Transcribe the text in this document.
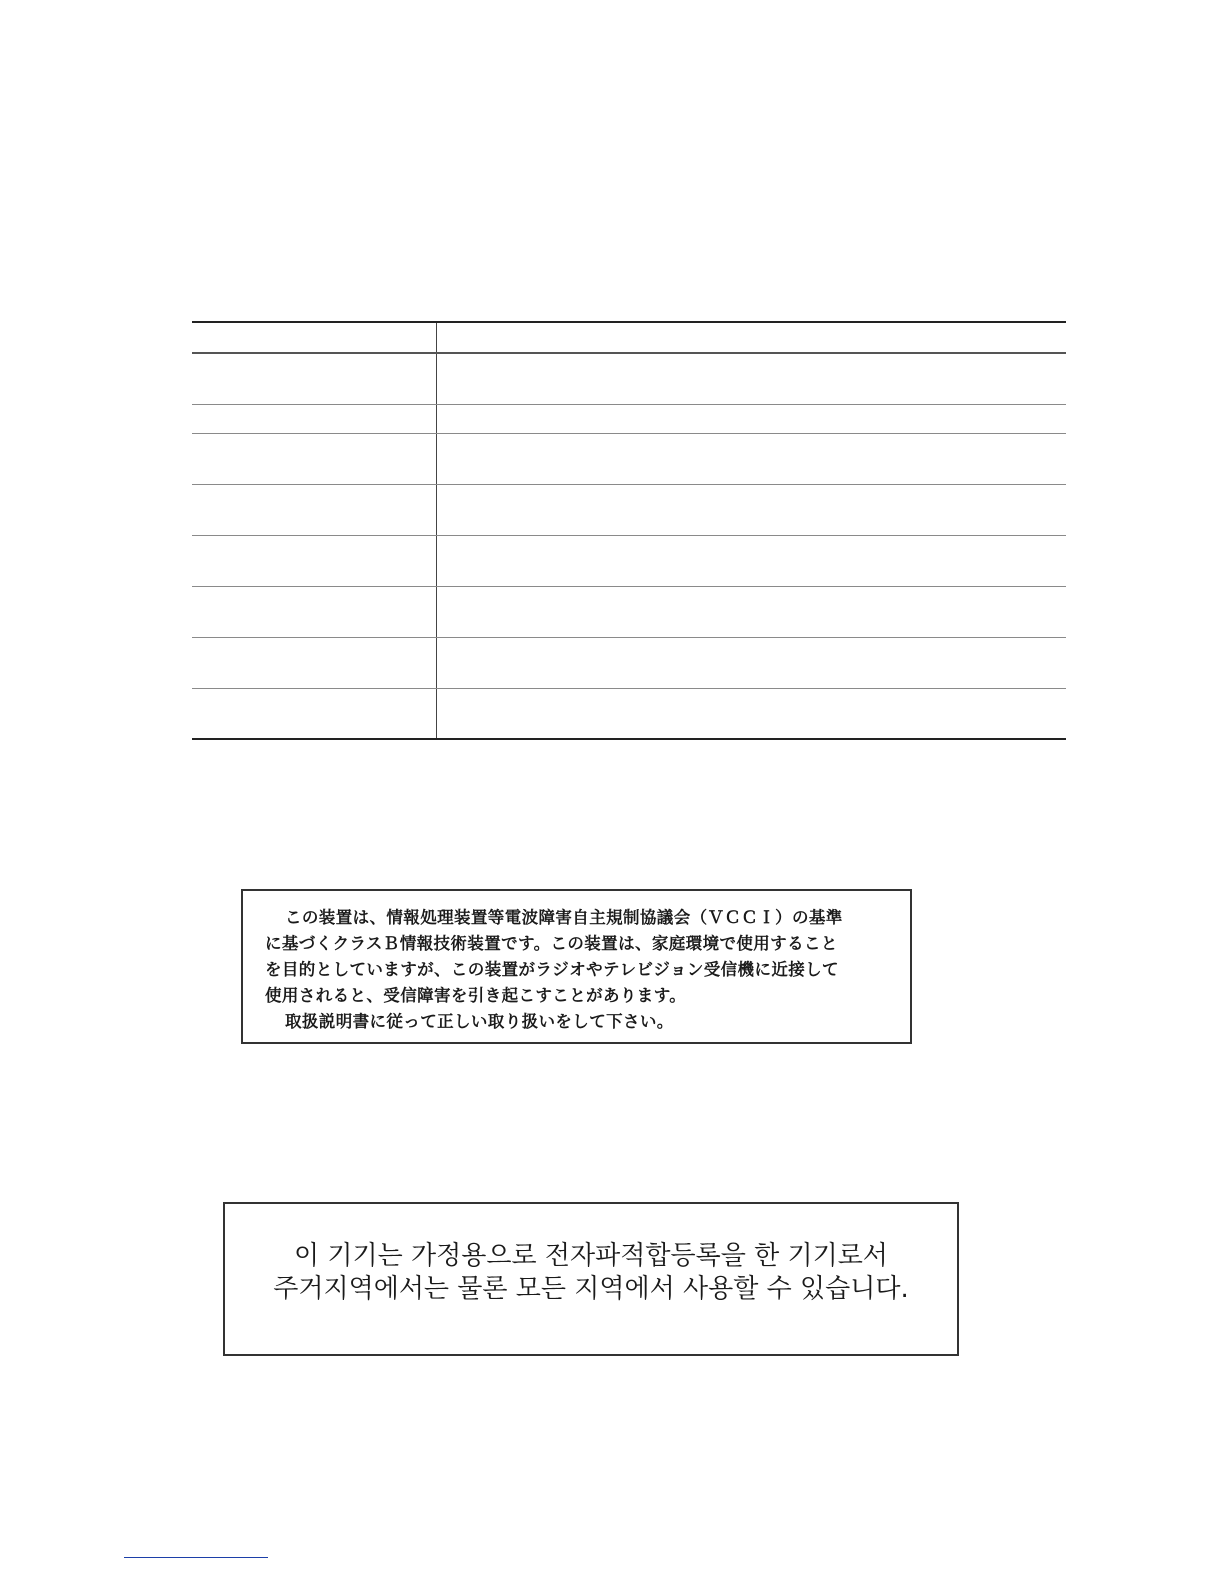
この装置は、情報処理装置等電波障害自主規制協議会（ＶＣＣＩ）の基準

に基づくクラスＢ情報技術装置です。この装置は、家庭環境で使用すること

を目的としていますが、この装置がラジオやテレビジョン受信機に近接して

使用されると、受信障害を引き起こすことがあります。

取扱説明書に従って正しい取り扱いをして下さい。

이 기기는 가정용으로 전자파적합등록을 한 기기로서

주거지역에서는 물론 모든 지역에서 사용할 수 있습니다.
